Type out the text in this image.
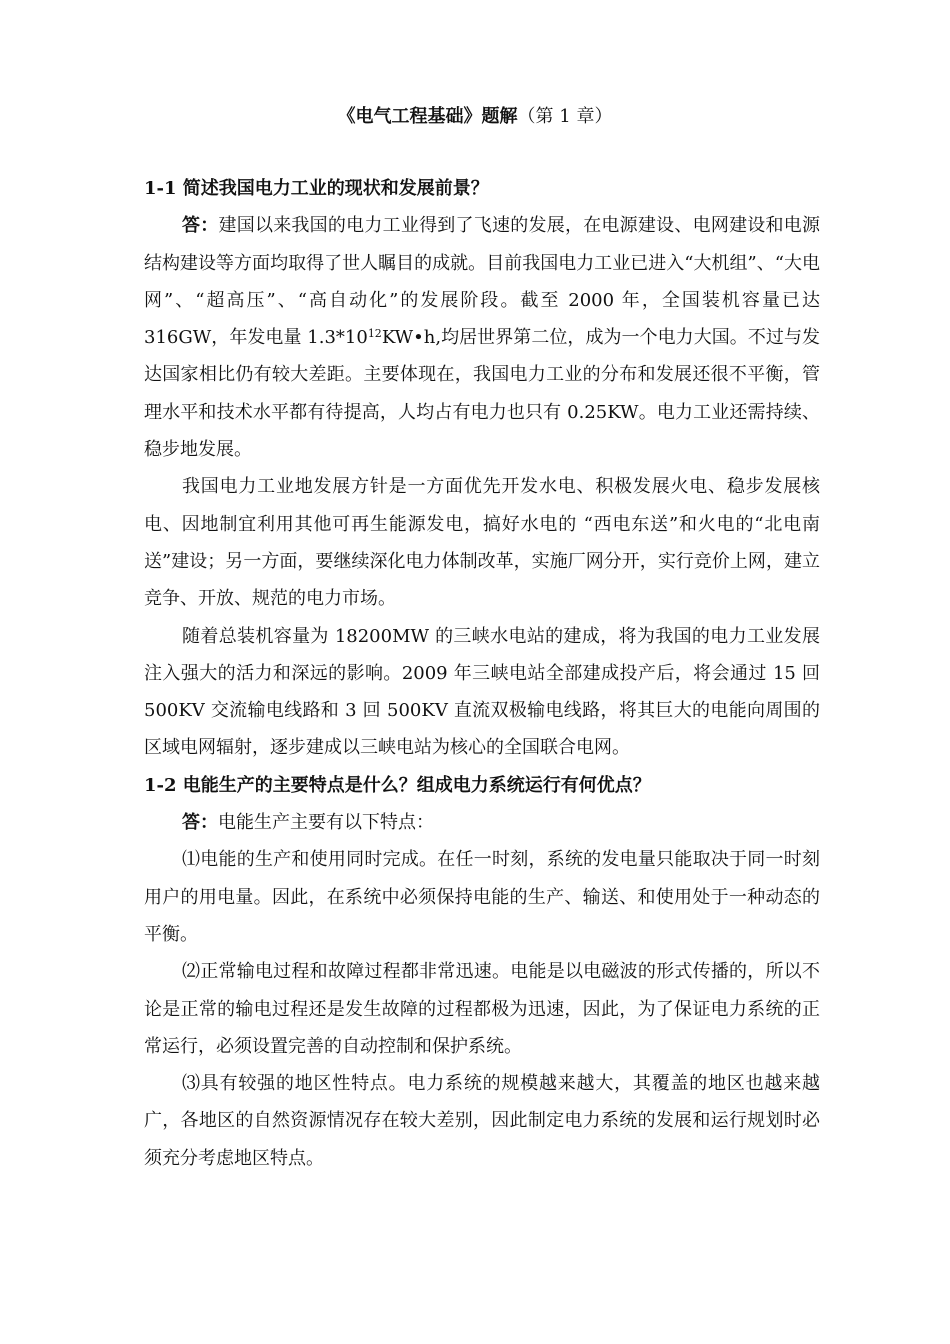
《电气工程基础》题解（第 1 章）

1-1 简述我国电力工业的现状和发展前景？

答：建国以来我国的电力工业得到了飞速的发展，在电源建设、电网建设和电源结构建设等方面均取得了世人瞩目的成就。目前我国电力工业已进入“大机组”、“大电网”、“超高压”、“高自动化”的发展阶段。截至 2000 年，全国装机容量已达 316GW，年发电量 $1.3*10^{12}KW•h$,均居世界第二位，成为一个电力大国。不过与发达国家相比仍有较大差距。主要体现在，我国电力工业的分布和发展还很不平衡，管理水平和技术水平都有待提高，人均占有电力也只有 0.25KW。电力工业还需持续、稳步地发展。

我国电力工业地发展方针是一方面优先开发水电、积极发展火电、稳步发展核电、因地制宜利用其他可再生能源发电，搞好水电的 “西电东送”和火电的“北电南送”建设；另一方面，要继续深化电力体制改革，实施厂网分开，实行竞价上网，建立竞争、开放、规范的电力市场。

随着总装机容量为 18200MW 的三峡水电站的建成，将为我国的电力工业发展注入强大的活力和深远的影响。2009 年三峡电站全部建成投产后，将会通过 15 回 500KV 交流输电线路和 3 回 500KV 直流双极输电线路，将其巨大的电能向周围的区域电网辐射，逐步建成以三峡电站为核心的全国联合电网。

1-2 电能生产的主要特点是什么？组成电力系统运行有何优点？

答：电能生产主要有以下特点：

⑴电能的生产和使用同时完成。在任一时刻，系统的发电量只能取决于同一时刻用户的用电量。因此，在系统中必须保持电能的生产、输送、和使用处于一种动态的平衡。

⑵正常输电过程和故障过程都非常迅速。电能是以电磁波的形式传播的，所以不论是正常的输电过程还是发生故障的过程都极为迅速，因此，为了保证电力系统的正常运行，必须设置完善的自动控制和保护系统。

⑶具有较强的地区性特点。电力系统的规模越来越大，其覆盖的地区也越来越广，各地区的自然资源情况存在较大差别，因此制定电力系统的发展和运行规划时必须充分考虑地区特点。
